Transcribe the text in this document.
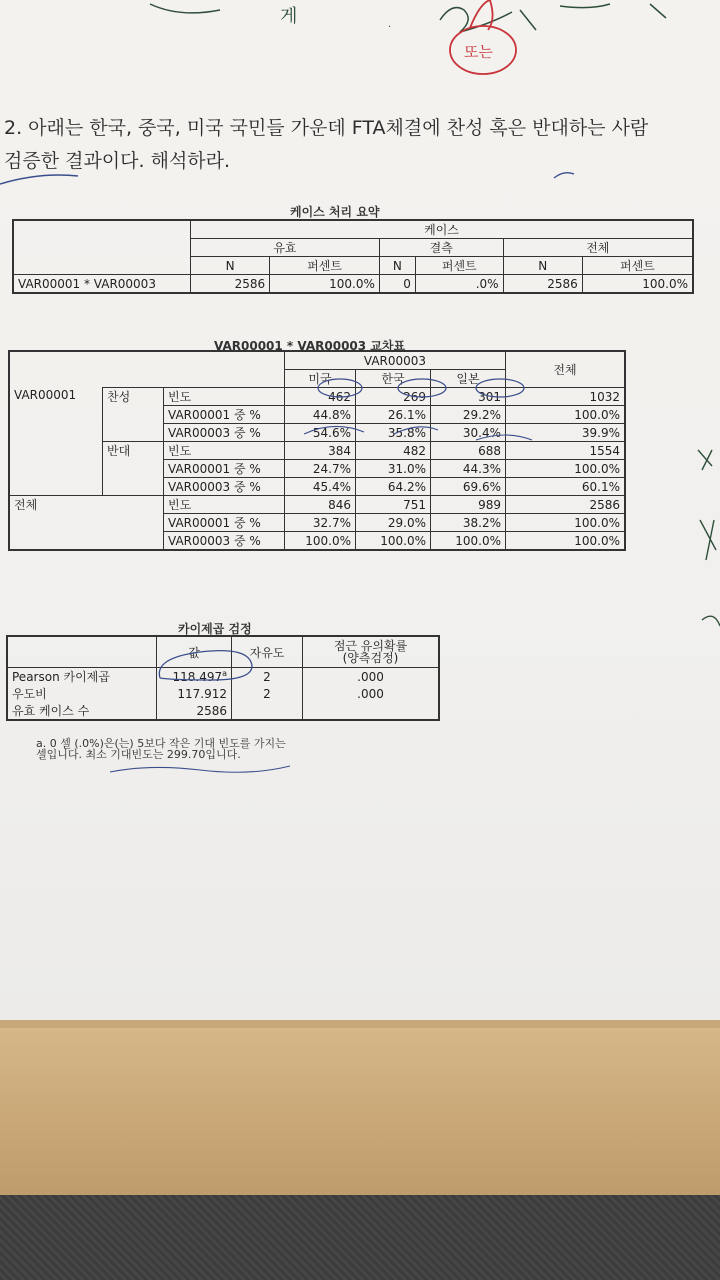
게
또는
·
2. 아래는 한국, 중국, 미국 국민들 가운데 FTA체결에 찬성 혹은 반대하는 사람
검증한 결과이다. 해석하라.
케이스 처리 요약
	케이스					
	유효		결측		전체	
	N	퍼센트	N	퍼센트	N	퍼센트
VAR00001 * VAR00003	2586	100.0%	0	.0%	2586	100.0%
VAR00001 * VAR00003 교차표
			VAR00003			전체
			미국	한국	일본	
VAR00001	찬성	빈도	462	269	301	1032
		VAR00001 중 %	44.8%	26.1%	29.2%	100.0%
		VAR00003 중 %	54.6%	35.8%	30.4%	39.9%
	반대	빈도	384	482	688	1554
		VAR00001 중 %	24.7%	31.0%	44.3%	100.0%
		VAR00003 중 %	45.4%	64.2%	69.6%	60.1%
전체		빈도	846	751	989	2586
		VAR00001 중 %	32.7%	29.0%	38.2%	100.0%
		VAR00003 중 %	100.0%	100.0%	100.0%	100.0%
카이제곱 검정
	값	자유도	점근 유의확률
(양측검정)
Pearson 카이제곱	118.497$^a$	2	.000
우도비	117.912	2	.000
유효 케이스 수	2586		
a. 0 셀 (.0%)은(는) 5보다 작은 기대 빈도를 가지는
셀입니다. 최소 기대빈도는 299.70입니다.
